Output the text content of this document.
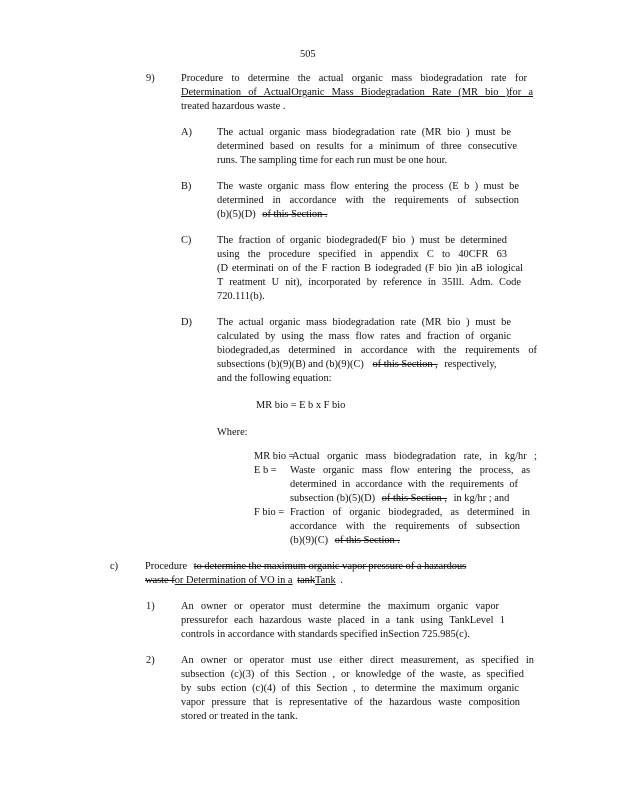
505
9)	Procedure to determine the actual organic mass biodegradation rate for
Determination of ActualOrganic Mass Biodegradation Rate (MR bio )for a
treated hazardous waste .
A) The actual organic mass biodegradation rate (MR bio ) must be
determined based on results for a minimum of three consecutive
runs. The sampling time for each run must be one hour.
B) The waste organic mass flow entering the process (E b ) must be
determined in accordance with the requirements of subsection
(b)(5)(D) of this Section .
C) The fraction of organic biodegraded(F bio ) must be determined
using the procedure specified in appendix C to 40CFR 63
(D eterminati on of the F raction B iodegraded (F bio )in aB iological
T reatment U nit), incorporated by reference in 35Ill. Adm. Code
720.111(b).
D) The actual organic mass biodegradation rate (MR bio ) must be
calculated by using the mass flow rates and fraction of organic
biodegraded,as determined in accordance with the requirements of
subsections (b)(9)(B) and (b)(9)(C) of this Section , respectively,
and the following equation:
MR bio = E b x F bio
Where:
MR bio =
Actual organic mass biodegradation rate, in kg/hr ;
E b = Waste organic mass flow entering the process, as
determined in accordance with the requirements of
subsection (b)(5)(D) of this Section , in kg/hr ; and
F bio = Fraction of organic biodegraded, as determined in
accordance with the requirements of subsection
(b)(9)(C) of this Section .
c)	Procedure to determine the maximum organic vapor pressure of a hazardous
waste for Determination of VO in a tankTank .
1)	An owner or operator must determine the maximum organic vapor
pressurefor each hazardous waste placed in a tank using TankLevel 1
controls in accordance with standards specified inSection 725.985(c).
2)	An owner or operator must use either direct measurement, as specified in
subsection (c)(3) of this Section , or knowledge of the waste, as specified
by subs ection (c)(4) of this Section , to determine the maximum organic
vapor pressure that is representative of the hazardous waste composition
stored or treated in the tank.
